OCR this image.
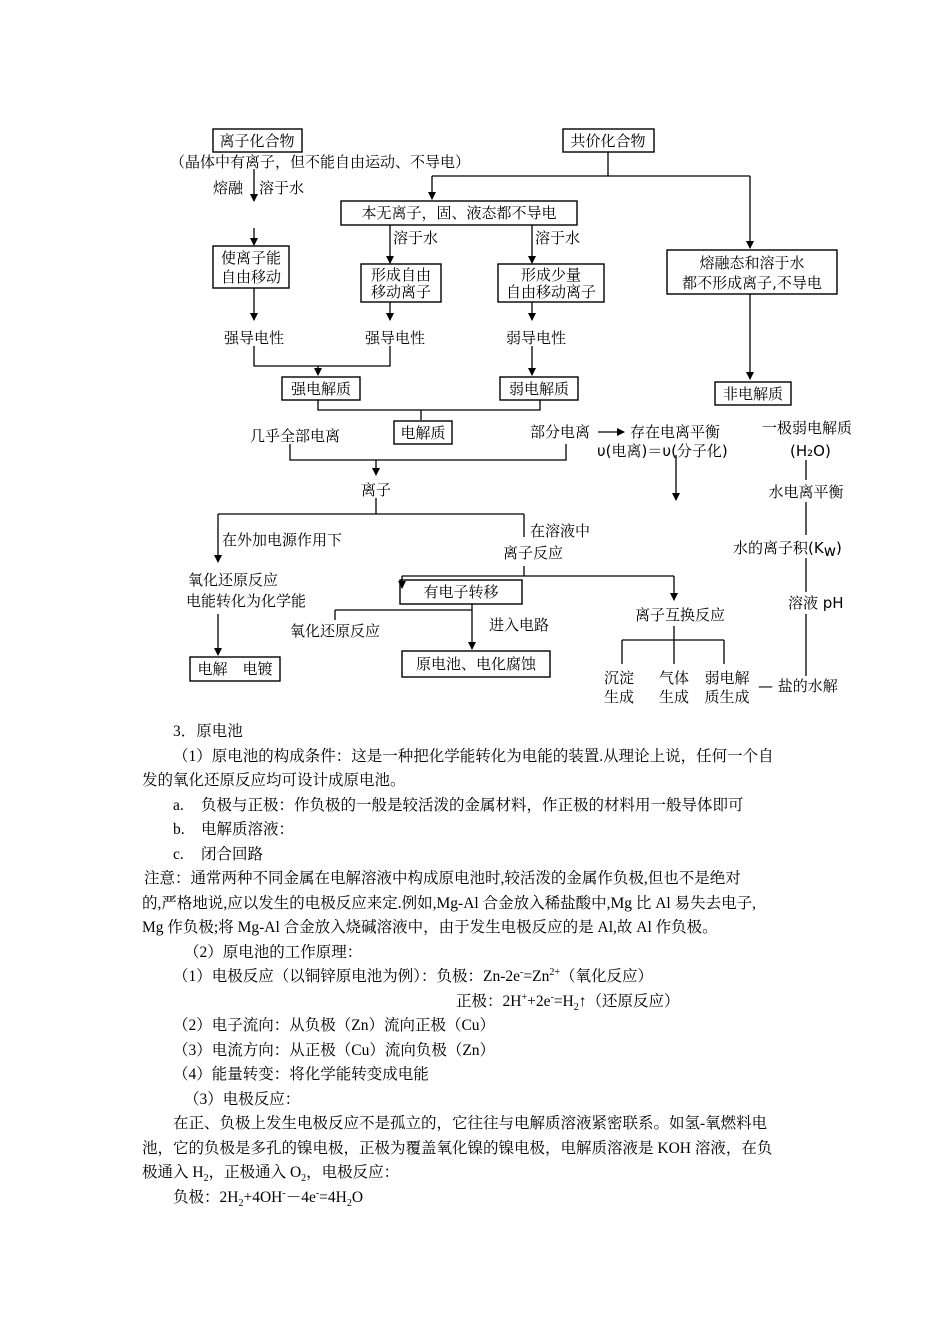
离子化合物
（晶体中有离子，但不能自由运动、不导电）
共价化合物
熔融 溶于水
本无离子，固、液态都不导电
溶于水	溶于水
使离子能
自由移动	形成自由
移动离子
形成少量
自由移动离子
熔融态和溶于水
都不形成离子,不导电
强导电性	强导电性	弱导电性
强电解质	弱电解质	非电解质
几乎全部电离	电解质	部分电离	存在电离平衡
υ(电离)＝υ(分子化)
一极弱电解质
(H₂O)
离子	水电离平衡
在外加电源作用下	在溶液中
离子反应	水的离子积(Kw)
氧化还原反应
电能转化为化学能	有电子转移
氧化还原反应	进入电路
离子互换反应
溶液 pH
电解　电镀	原电池、电化腐蚀
沉淀
生成
气体
生成
弱电解
质生成
— 盐的水解

3．原电池

（1）原电池的构成条件：这是一种把化学能转化为电能的装置.从理论上说，任何一个自

发的氧化还原反应均可设计成原电池。

a. 负极与正极：作负极的一般是较活泼的金属材料，作正极的材料用一般导体即可

b. 电解质溶液：

c. 闭合回路

注意：通常两种不同金属在电解溶液中构成原电池时,较活泼的金属作负极,但也不是绝对

的,严格地说,应以发生的电极反应来定.例如,Mg-Al 合金放入稀盐酸中,Mg 比 Al 易失去电子,

Mg 作负极;将 Mg-Al 合金放入烧碱溶液中，由于发生电极反应的是 Al,故 Al 作负极。

（2）原电池的工作原理：

（1）电极反应（以铜锌原电池为例）：负极：$Zn-2e^-=Zn^{2+}$（氧化反应）

正极：$2H^++2e^-=H_2↑$（还原反应）

（2）电子流向：从负极（Zn）流向正极（Cu）

（3）电流方向：从正极（Cu）流向负极（Zn）

（4）能量转变：将化学能转变成电能

（3）电极反应：

在正、负极上发生电极反应不是孤立的，它往往与电解质溶液紧密联系。如氢-氧燃料电

池，它的负极是多孔的镍电极，正极为覆盖氧化镍的镍电极，电解质溶液是 KOH 溶液，在负

极通入 $H_2$，正极通入 $O_2$，电极反应：

负极：$2H_2+4OH^--4e^-=4H_2O$
